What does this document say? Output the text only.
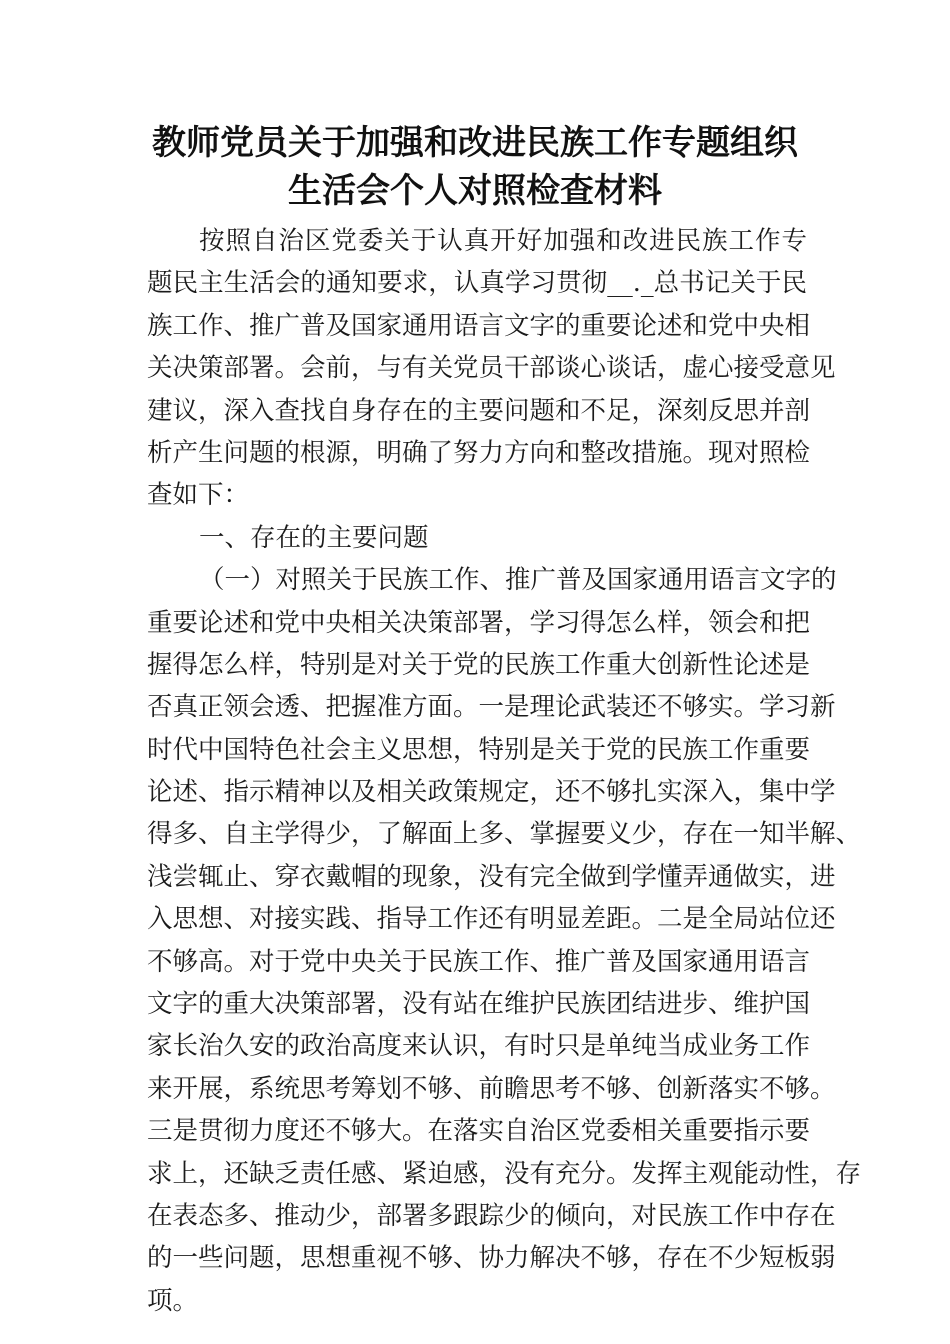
教师党员关于加强和改进民族工作专题组织
生活会个人对照检查材料
按照自治区党委关于认真开好加强和改进民族工作专
题民主生活会的通知要求，认真学习贯彻__._总书记关于民
族工作、推广普及国家通用语言文字的重要论述和党中央相
关决策部署。会前，与有关党员干部谈心谈话，虚心接受意见
建议，深入查找自身存在的主要问题和不足，深刻反思并剖
析产生问题的根源，明确了努力方向和整改措施。现对照检
查如下：
一、存在的主要问题
（一）对照关于民族工作、推广普及国家通用语言文字的
重要论述和党中央相关决策部署，学习得怎么样，领会和把
握得怎么样，特别是对关于党的民族工作重大创新性论述是
否真正领会透、把握准方面。一是理论武装还不够实。学习新
时代中国特色社会主义思想，特别是关于党的民族工作重要
论述、指示精神以及相关政策规定，还不够扎实深入，集中学
得多、自主学得少，了解面上多、掌握要义少，存在一知半解、
浅尝辄止、穿衣戴帽的现象，没有完全做到学懂弄通做实，进
入思想、对接实践、指导工作还有明显差距。二是全局站位还
不够高。对于党中央关于民族工作、推广普及国家通用语言
文字的重大决策部署，没有站在维护民族团结进步、维护国
家长治久安的政治高度来认识，有时只是单纯当成业务工作
来开展，系统思考筹划不够、前瞻思考不够、创新落实不够。
三是贯彻力度还不够大。在落实自治区党委相关重要指示要
求上，还缺乏责任感、紧迫感，没有充分。发挥主观能动性，存
在表态多、推动少，部署多跟踪少的倾向，对民族工作中存在
的一些问题，思想重视不够、协力解决不够，存在不少短板弱
项。
